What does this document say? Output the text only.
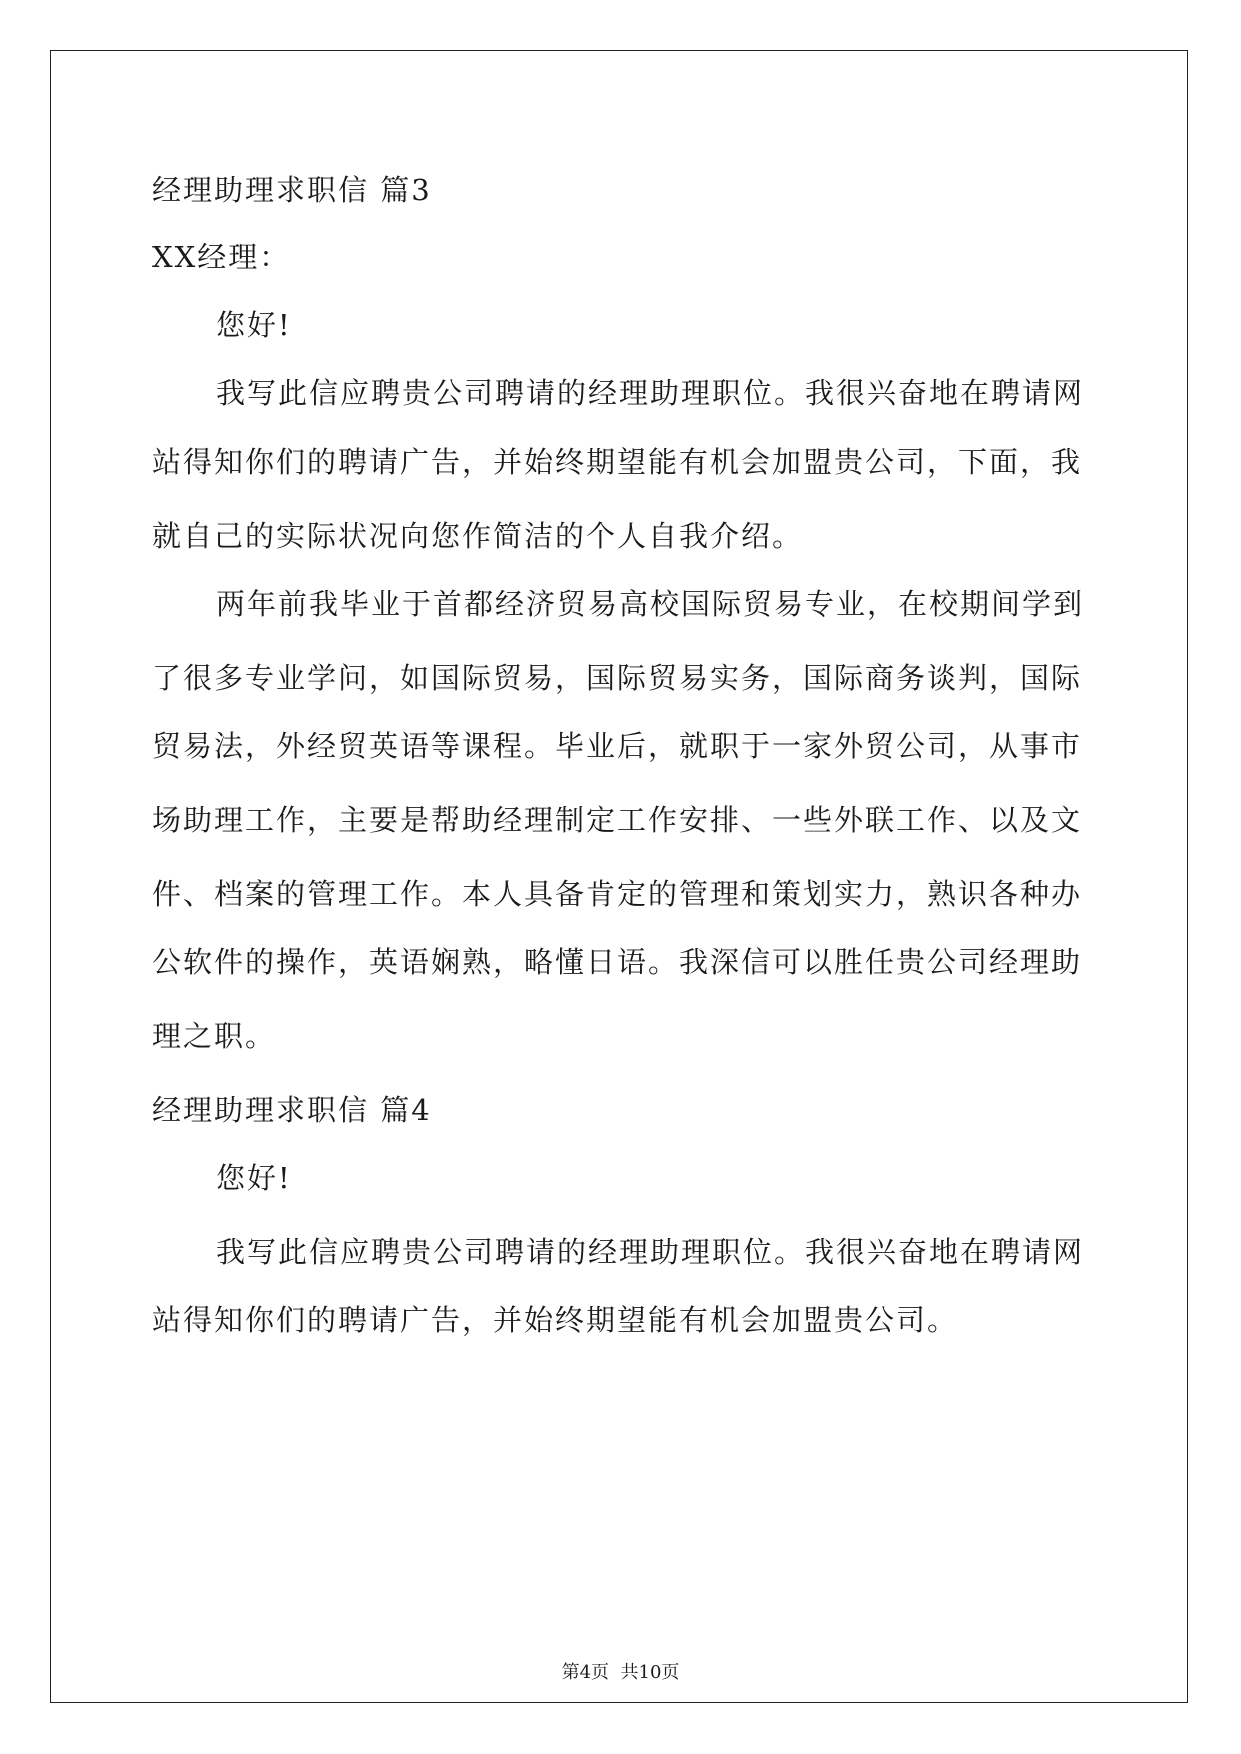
经理助理求职信 篇3
XX经理：
您好!
我写此信应聘贵公司聘请的经理助理职位。我很兴奋地在聘请网
站得知你们的聘请广告，并始终期望能有机会加盟贵公司，下面，我
就自己的实际状况向您作简洁的个人自我介绍。
两年前我毕业于首都经济贸易高校国际贸易专业，在校期间学到
了很多专业学问，如国际贸易，国际贸易实务，国际商务谈判，国际
贸易法，外经贸英语等课程。毕业后，就职于一家外贸公司，从事市
场助理工作，主要是帮助经理制定工作安排、一些外联工作、以及文
件、档案的管理工作。本人具备肯定的管理和策划实力，熟识各种办
公软件的操作，英语娴熟，略懂日语。我深信可以胜任贵公司经理助
理之职。
经理助理求职信 篇4
您好!
我写此信应聘贵公司聘请的经理助理职位。我很兴奋地在聘请网
站得知你们的聘请广告，并始终期望能有机会加盟贵公司。
第4页  共10页
